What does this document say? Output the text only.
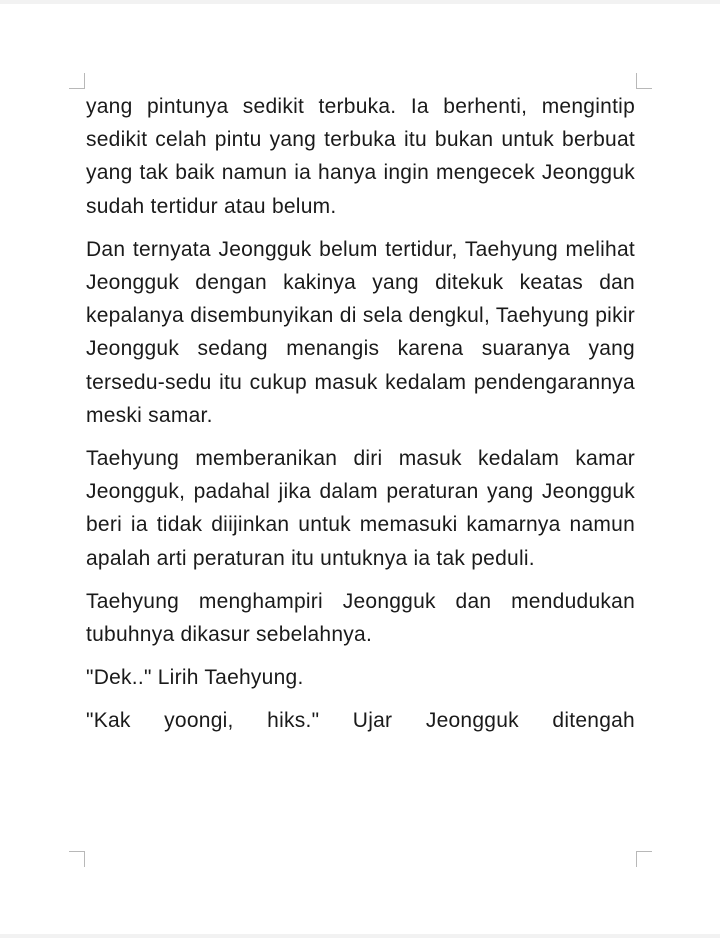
yang pintunya sedikit terbuka. Ia berhenti, mengintip sedikit celah pintu yang terbuka itu bukan untuk berbuat yang tak baik namun ia hanya ingin mengecek Jeongguk sudah tertidur atau belum.

Dan ternyata Jeongguk belum tertidur, Taehyung melihat Jeongguk dengan kakinya yang ditekuk keatas dan kepalanya disembunyikan di sela dengkul, Taehyung pikir Jeongguk sedang menangis karena suaranya yang tersedu-sedu itu cukup masuk kedalam pendengarannya meski samar.

Taehyung memberanikan diri masuk kedalam kamar Jeongguk, padahal jika dalam peraturan yang Jeongguk beri ia tidak diijinkan untuk memasuki kamarnya namun apalah arti peraturan itu untuknya ia tak peduli.

Taehyung menghampiri Jeongguk dan mendudukan tubuhnya dikasur sebelahnya.

"Dek.." Lirih Taehyung.

"Kak yoongi, hiks." Ujar Jeongguk ditengah
